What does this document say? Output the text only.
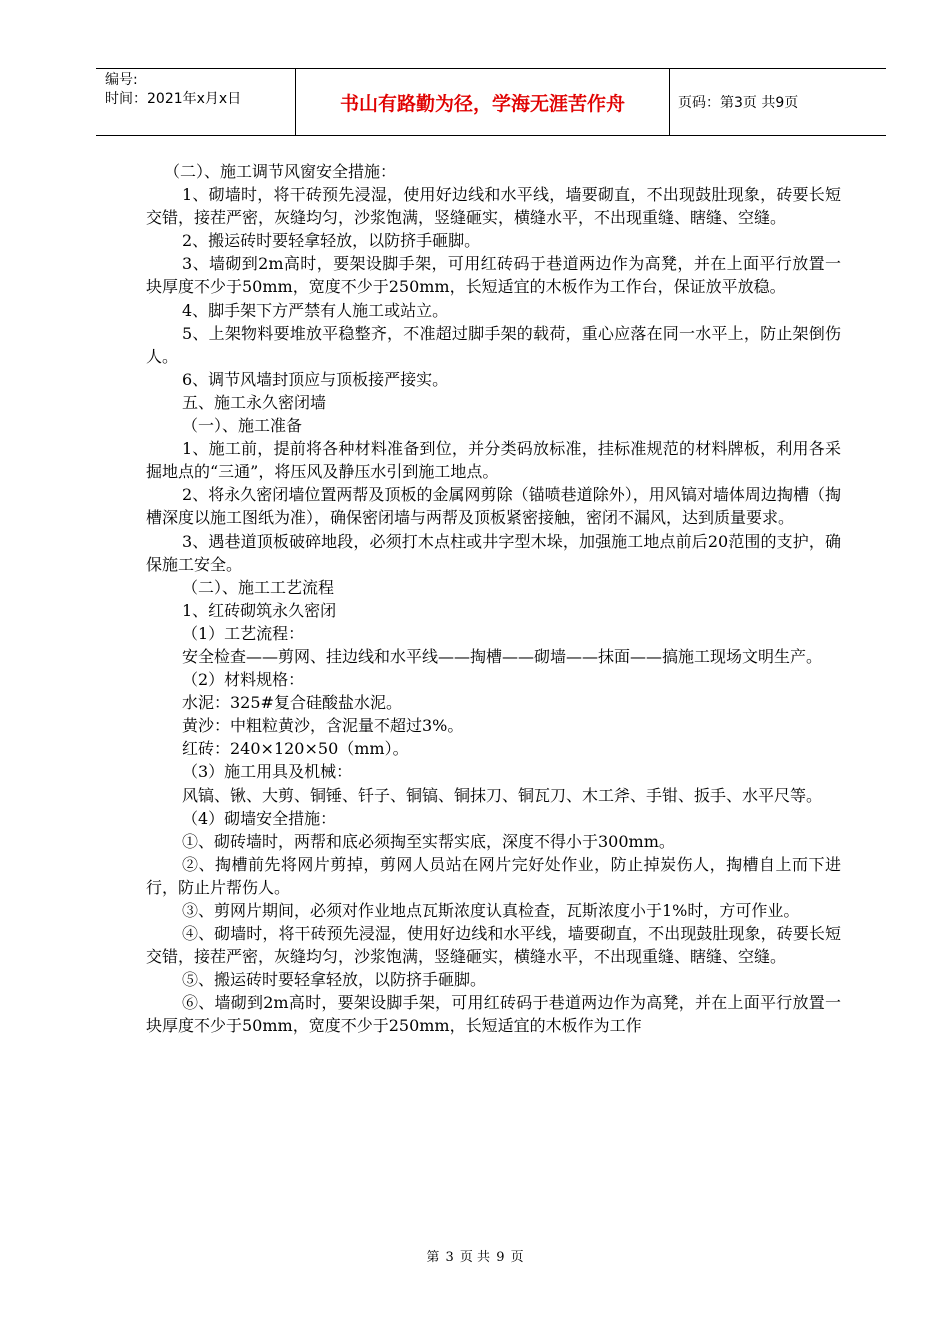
编号:
时间：2021年x月x日	书山有路勤为径，学海无涯苦作舟	页码：第3页 共9页

（二）、施工调节风窗安全措施：

1、砌墙时，将干砖预先浸湿，使用好边线和水平线，墙要砌直，不出现鼓肚现象，砖要长短交错，接茬严密，灰缝均匀，沙浆饱满，竖缝砸实，横缝水平，不出现重缝、瞎缝、空缝。

2、搬运砖时要轻拿轻放，以防挤手砸脚。

3、墙砌到2m高时，要架设脚手架，可用红砖码于巷道两边作为高凳，并在上面平行放置一块厚度不少于50mm，宽度不少于250mm，长短适宜的木板作为工作台，保证放平放稳。

4、脚手架下方严禁有人施工或站立。

5、上架物料要堆放平稳整齐，不准超过脚手架的载荷，重心应落在同一水平上，防止架倒伤人。

6、调节风墙封顶应与顶板接严接实。

五、施工永久密闭墙

（一）、施工准备

1、施工前，提前将各种材料准备到位，并分类码放标准，挂标准规范的材料牌板，利用各采掘地点的“三通”，将压风及静压水引到施工地点。

2、将永久密闭墙位置两帮及顶板的金属网剪除（锚喷巷道除外），用风镐对墙体周边掏槽（掏槽深度以施工图纸为准），确保密闭墙与两帮及顶板紧密接触，密闭不漏风，达到质量要求。

3、遇巷道顶板破碎地段，必须打木点柱或井字型木垛，加强施工地点前后20范围的支护，确保施工安全。

（二）、施工工艺流程

1、红砖砌筑永久密闭

（1）工艺流程：

安全检查——剪网、挂边线和水平线——掏槽——砌墙——抹面——搞施工现场文明生产。

（2）材料规格：

水泥：325#复合硅酸盐水泥。

黄沙：中粗粒黄沙，含泥量不超过3%。

红砖：240×120×50（mm）。

（3）施工用具及机械：

风镐、锹、大剪、铜锤、钎子、铜镐、铜抹刀、铜瓦刀、木工斧、手钳、扳手、水平尺等。

（4）砌墙安全措施：

①、砌砖墙时，两帮和底必须掏至实帮实底，深度不得小于300mm。

②、掏槽前先将网片剪掉，剪网人员站在网片完好处作业，防止掉炭伤人，掏槽自上而下进行，防止片帮伤人。

③、剪网片期间，必须对作业地点瓦斯浓度认真检查，瓦斯浓度小于1%时，方可作业。

④、砌墙时，将干砖预先浸湿，使用好边线和水平线，墙要砌直，不出现鼓肚现象，砖要长短交错，接茬严密，灰缝均匀，沙浆饱满，竖缝砸实，横缝水平，不出现重缝、瞎缝、空缝。

⑤、搬运砖时要轻拿轻放，以防挤手砸脚。

⑥、墙砌到2m高时，要架设脚手架，可用红砖码于巷道两边作为高凳，并在上面平行放置一块厚度不少于50mm，宽度不少于250mm，长短适宜的木板作为工作

第 3 页 共 9 页
